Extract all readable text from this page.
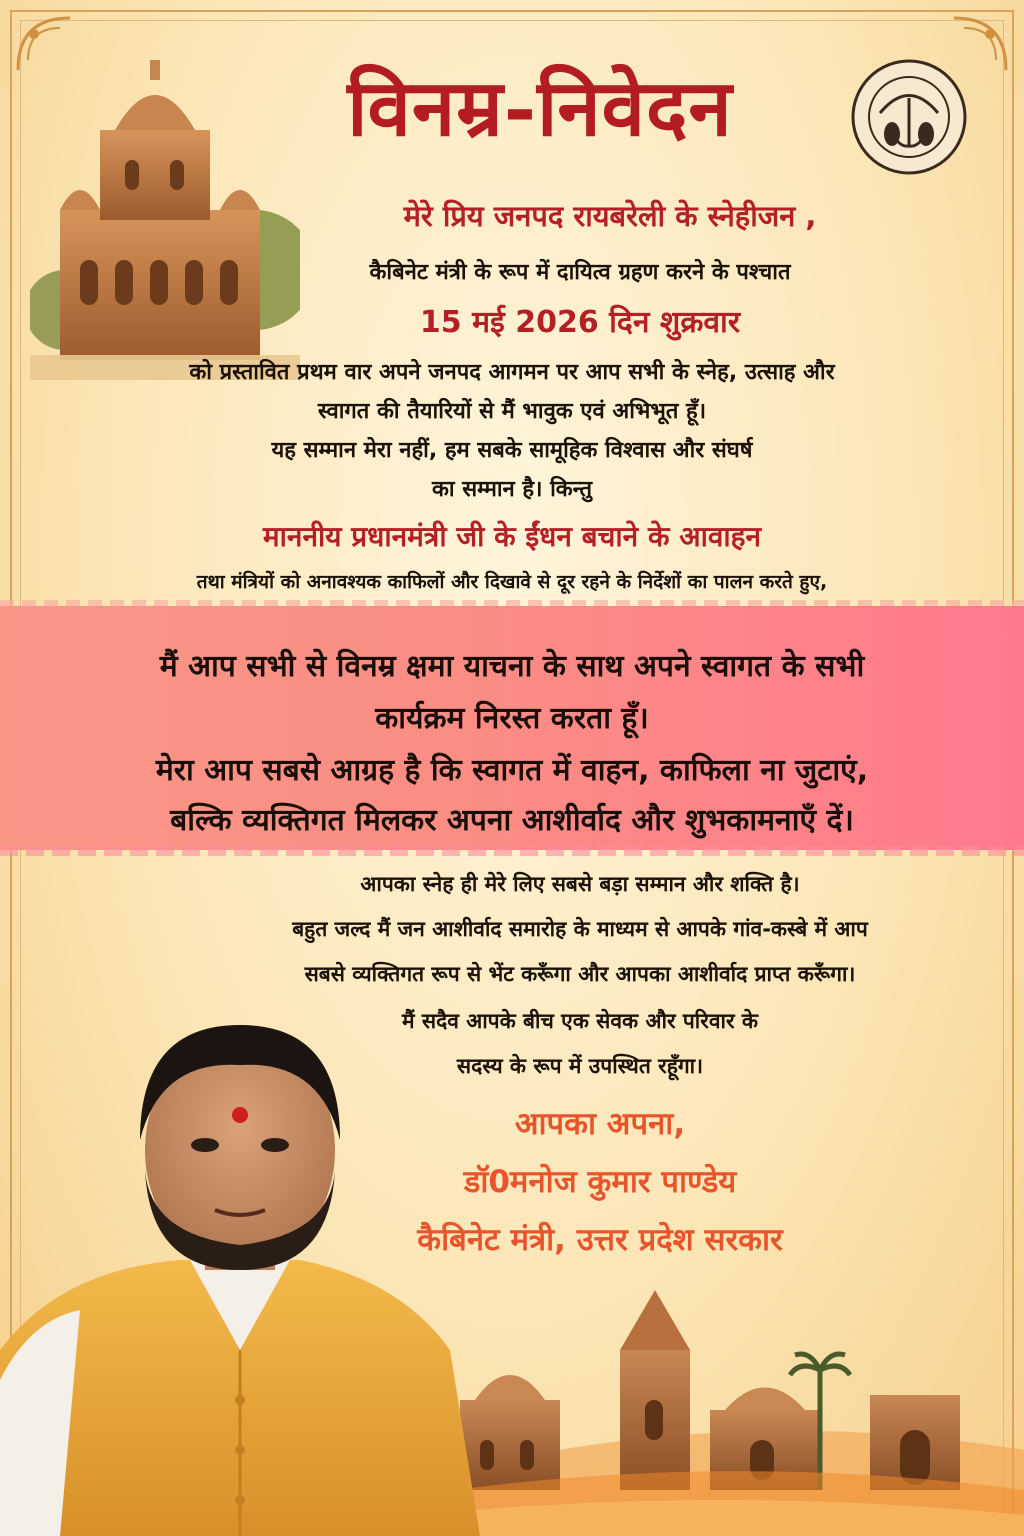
विनम्र-निवेदन

मेरे प्रिय जनपद रायबरेली के स्नेहीजन ,

कैबिनेट मंत्री के रूप में दायित्व ग्रहण करने के पश्चात

15 मई 2026 दिन शुक्रवार

को प्रस्तावित प्रथम वार अपने जनपद आगमन पर आप सभी के स्नेह, उत्साह और

स्वागत की तैयारियों से मैं भावुक एवं अभिभूत हूँ।

यह सम्मान मेरा नहीं, हम सबके सामूहिक विश्वास और संघर्ष

का सम्मान है। किन्तु

माननीय प्रधानमंत्री जी के ईंधन बचाने के आवाहन

तथा मंत्रियों को अनावश्यक काफिलों और दिखावे से दूर रहने के निर्देशों का पालन करते हुए,

मैं आप सभी से विनम्र क्षमा याचना के साथ अपने स्वागत के सभी

कार्यक्रम निरस्त करता हूँ।

मेरा आप सबसे आग्रह है कि स्वागत में वाहन, काफिला ना जुटाएं,

बल्कि व्यक्तिगत मिलकर अपना आशीर्वाद और शुभकामनाएँ दें।

आपका स्नेह ही मेरे लिए सबसे बड़ा सम्मान और शक्ति है।

बहुत जल्द मैं जन आशीर्वाद समारोह के माध्यम से आपके गांव-कस्बे में आप

सबसे व्यक्तिगत रूप से भेंट करूँगा और आपका आशीर्वाद प्राप्त करूँगा।

मैं सदैव आपके बीच एक सेवक और परिवार के

सदस्य के रूप में उपस्थित रहूँगा।

आपका अपना,

डॉ0मनोज कुमार पाण्डेय

कैबिनेट मंत्री, उत्तर प्रदेश सरकार
